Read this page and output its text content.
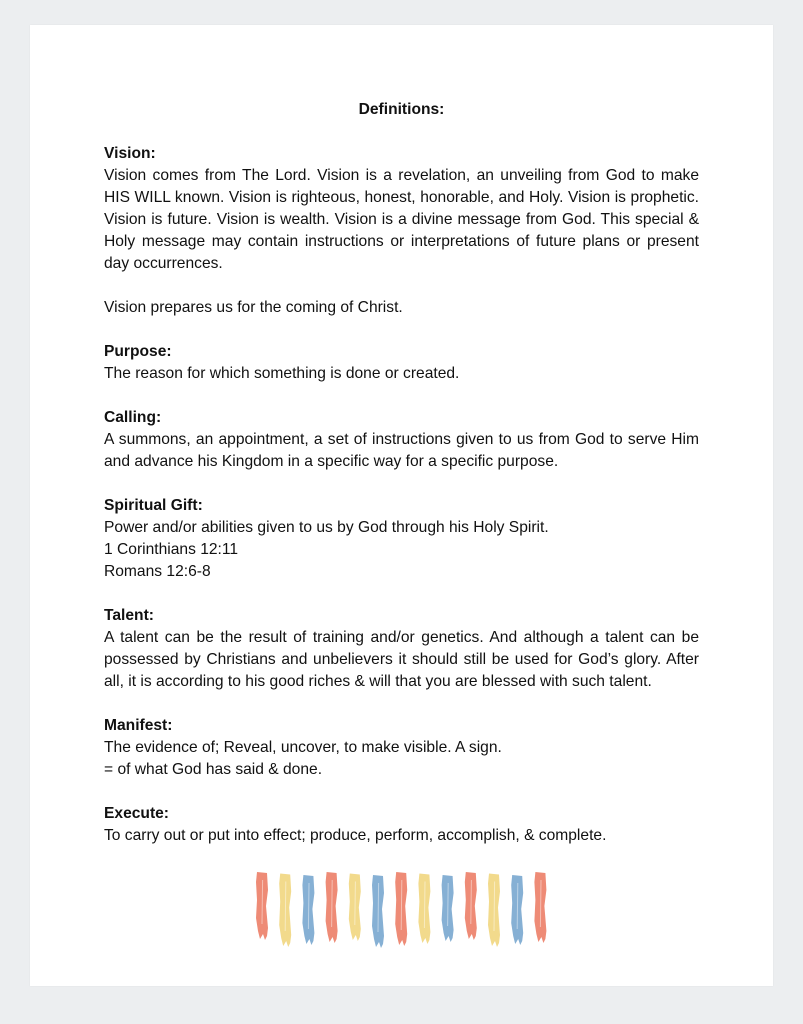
Definitions:

Vision:

Vision comes from The Lord. Vision is a revelation, an unveiling from God to make HIS WILL known. Vision is righteous, honest, honorable, and Holy. Vision is prophetic. Vision is future. Vision is wealth. Vision is a divine message from God. This special & Holy message may contain instructions or interpretations of future plans or present day occurrences.

Vision prepares us for the coming of Christ.

Purpose:

The reason for which something is done or created.

Calling:

A summons, an appointment, a set of instructions given to us from God to serve Him and advance his Kingdom in a specific way for a specific purpose.

Spiritual Gift:

Power and/or abilities given to us by God through his Holy Spirit.

1 Corinthians 12:11

Romans 12:6-8

Talent:

A talent can be the result of training and/or genetics. And although a talent can be possessed by Christians and unbelievers it should still be used for God’s glory. After all, it is according to his good riches & will that you are blessed with such talent.

Manifest:

The evidence of; Reveal, uncover, to make visible. A sign.

= of what God has said & done.

Execute:

To carry out or put into effect; produce, perform, accomplish, & complete.
